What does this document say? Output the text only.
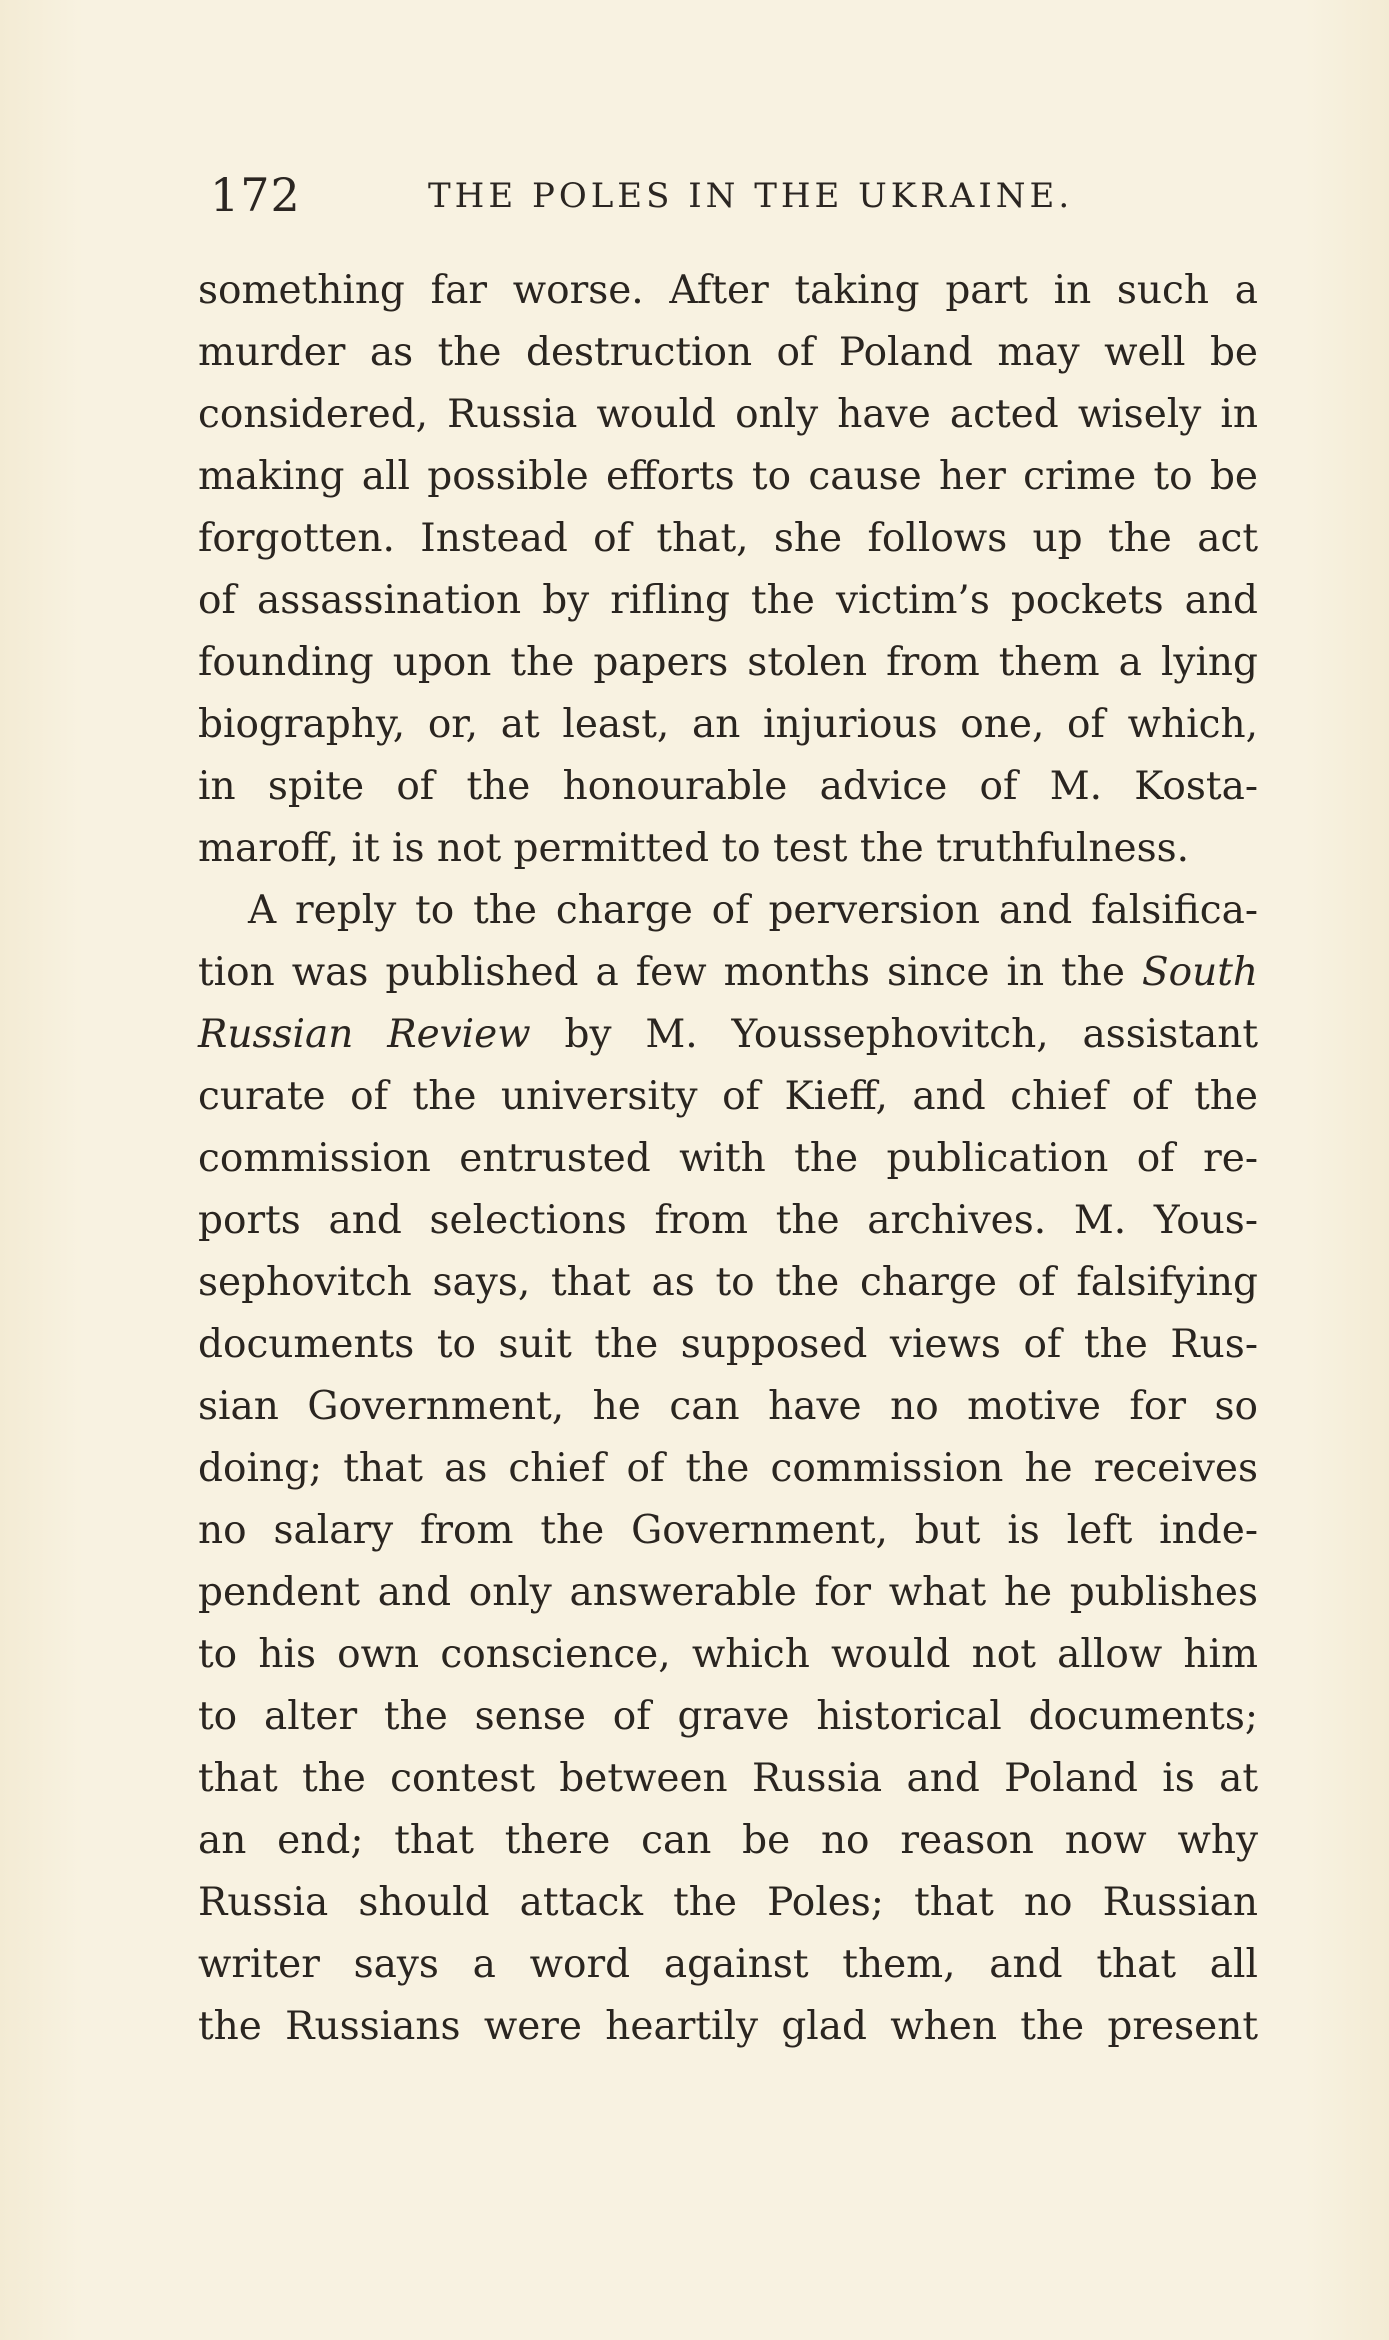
172	THE POLES IN THE UKRAINE.
something far worse. After taking part in such a
murder as the destruction of Poland may well be
considered, Russia would only have acted wisely in
making all possible efforts to cause her crime to be
forgotten. Instead of that, she follows up the act
of assassination by rifling the victim’s pockets and
founding upon the papers stolen from them a lying
biography, or, at least, an injurious one, of which,
in spite of the honourable advice of M. Kosta-
maroff, it is not permitted to test the truthfulness.
A reply to the charge of perversion and falsifica-
tion was published a few months since in the South
Russian Review by M. Youssephovitch, assistant
curate of the university of Kieff, and chief of the
commission entrusted with the publication of re-
ports and selections from the archives. M. Yous-
sephovitch says, that as to the charge of falsifying
documents to suit the supposed views of the Rus-
sian Government, he can have no motive for so
doing; that as chief of the commission he receives
no salary from the Government, but is left inde-
pendent and only answerable for what he publishes
to his own conscience, which would not allow him
to alter the sense of grave historical documents;
that the contest between Russia and Poland is at
an end; that there can be no reason now why
Russia should attack the Poles; that no Russian
writer says a word against them, and that all
the Russians were heartily glad when the present
